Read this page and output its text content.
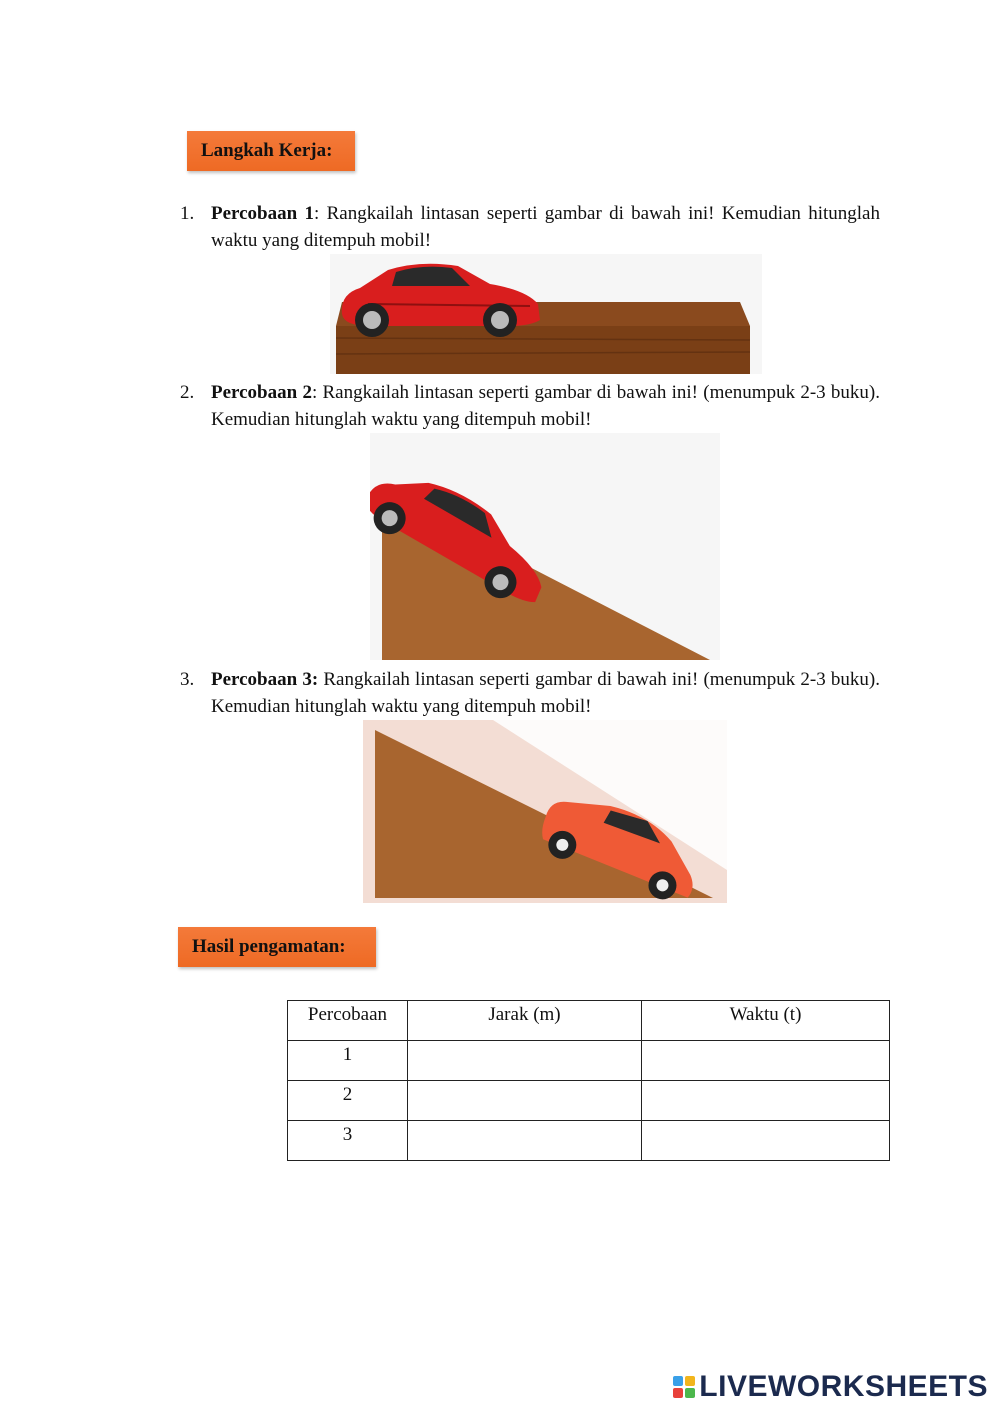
Langkah Kerja:
1. Percobaan 1: Rangkailah lintasan seperti gambar di bawah ini! Kemudian hitunglah waktu yang ditempuh mobil!
2. Percobaan 2: Rangkailah lintasan seperti gambar di bawah ini! (menumpuk 2-3 buku). Kemudian hitunglah waktu yang ditempuh mobil!
3. Percobaan 3: Rangkailah lintasan seperti gambar di bawah ini! (menumpuk 2-3 buku). Kemudian hitunglah waktu yang ditempuh mobil!
Hasil pengamatan:
Percobaan	Jarak (m)	Waktu (t)
1		
2		
3		
LIVEWORKSHEETS
